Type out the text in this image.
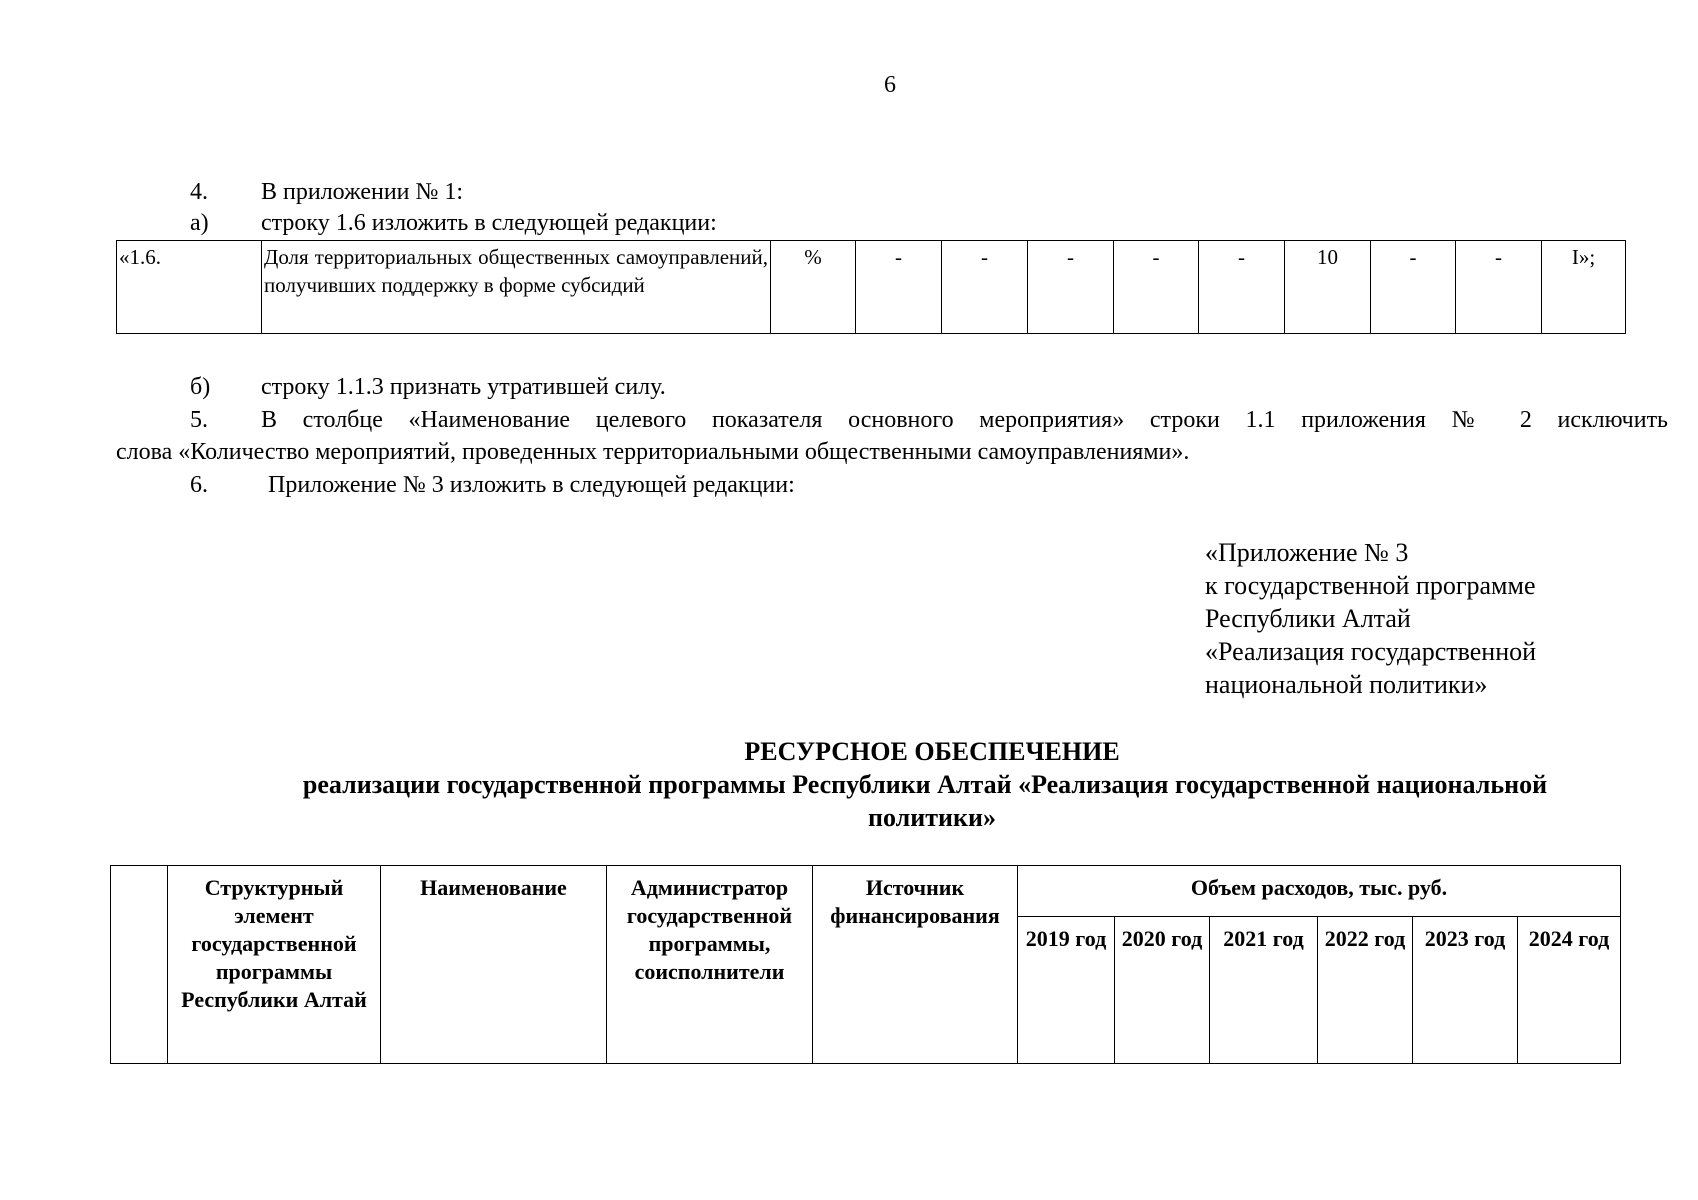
6
4. В приложении № 1:
а) строку 1.6 изложить в следующей редакции:
«1.6.	Доля территориальных общественных самоуправлений, получивших поддержку в форме субсидий	%	-	-	-	-	-	10	-	-	I»;
б) строку 1.1.3 признать утратившей силу.
5. В столбце «Наименование целевого показателя основного мероприятия» строки 1.1 приложения № 2 исключить
слова «Количество мероприятий, проведенных территориальными общественными самоуправлениями».
6.	Приложение № 3 изложить в следующей редакции:
«Приложение № 3
к государственной программе
Республики Алтай
«Реализация государственной
национальной политики»
РЕСУРСНОЕ ОБЕСПЕЧЕНИЕ
реализации государственной программы Республики Алтай «Реализация государственной национальной
политики»
	Структурный элемент государственной программы Республики Алтай	Наименование	Администратор государственной программы, соисполнители	Источник финансирования	Объем расходов, тыс. руб.					
					2019 год	2020 год	2021 год	2022 год	2023 год	2024 год
